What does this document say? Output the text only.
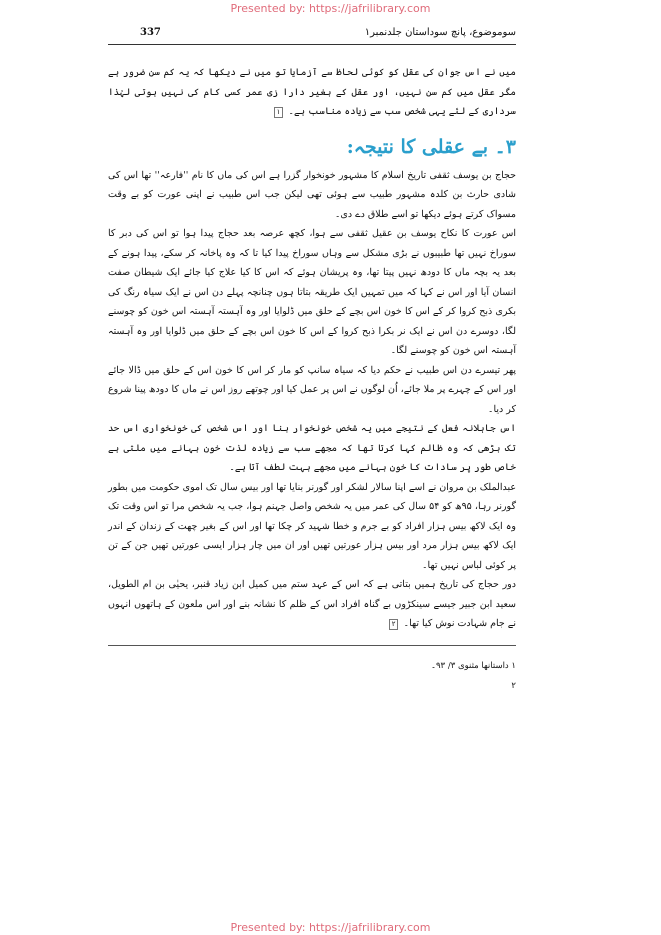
Presented by: https://jafrilibrary.com
سوموضوع، پانچ سوداستان جلدنمبر۱
337

میں نے اس جوان کی عقل کو کوئی لحاظ سے آزمایا تو میں نے دیکھا کہ یہ کم سن ضرور ہے مگر عقل میں کم سن نہیں، اور عقل کے بغیر دارا زی عمر کسی کام کی نہیں ہوتی لہٰذا سرداری کے لئے یہی شخص سب سے زیادہ مناسب ہے۔ ۱

۳۔ بے عقلی کا نتیجہ:

حجاج بن یوسف ثقفی تاریخ اسلام کا مشہور خونخوار گزرا ہے اس کی ماں کا نام ''فارعہ'' تھا اس کی شادی حارث بن کلدہ مشہور طبیب سے ہوئی تھی لیکن جب اس طبیب نے اپنی عورت کو بے وقت مسواک کرتے ہوئے دیکھا تو اسے طلاق دے دی۔

اس عورت کا نکاح یوسف بن عقیل ثقفی سے ہوا، کچھ عرصہ بعد حجاج پیدا ہوا تو اس کی دبر کا سوراخ نہیں تھا طبیبوں نے بڑی مشکل سے وہاں سوراخ پیدا کیا تا کہ وہ پاخانہ کر سکے، پیدا ہونے کے بعد یہ بچہ ماں کا دودھ نہیں پیتا تھا، وہ پریشان ہوئے کہ اس کا کیا علاج کیا جائے ایک شیطان صفت انسان آیا اور اس نے کہا کہ میں تمہیں ایک طریقہ بتاتا ہوں چنانچہ پہلے دن اس نے ایک سیاہ رنگ کی بکری ذبح کروا کر کے اس کا خون اس بچے کے حلق میں ڈلوایا اور وہ آہستہ آہستہ اس خون کو چوسنے لگا، دوسرے دن اس نے ایک نر بکرا ذبح کروا کے اس کا خون اس بچے کے حلق میں ڈلوایا اور وہ آہستہ آہستہ اس خون کو چوسنے لگا۔

پھر تیسرے دن اس طبیب نے حکم دیا کہ سیاہ سانپ کو مار کر اس کا خون اس کے حلق میں ڈالا جائے اور اس کے چہرے پر ملا جائے، اُن لوگوں نے اس پر عمل کیا اور چوتھے روز اس نے ماں کا دودھ پینا شروع کر دیا۔

اس جاہلانہ فعل کے نتیجے میں یہ شخص خونخوار بنا اور اس شخص کی خونخواری اس حد تک بڑھی کہ وہ ظالم کہا کرتا تھا کہ مجھے سب سے زیادہ لذت خون بہانے میں ملتی ہے خاص طور پر سادات کا خون بہانے میں مجھے بہت لطف آتا ہے۔

عبدالملک بن مروان نے اسے اپنا سالار لشکر اور گورنر بنایا تھا اور بیس سال تک اموی حکومت میں بطور گورنر رہا، ۹۵ھ کو ۵۴ سال کی عمر میں یہ شخص واصل جہنم ہوا، جب یہ شخص مرا تو اس وقت تک وہ ایک لاکھ بیس ہزار افراد کو بے جرم و خطا شہید کر چکا تھا اور اس کے بغیر چھت کے زندان کے اندر ایک لاکھ بیس ہزار مرد اور بیس ہزار عورتیں تھیں اور ان میں چار ہزار ایسی عورتیں تھیں جن کے تن پر کوئی لباس نہیں تھا۔

دور حجاج کی تاریخ ہمیں بتاتی ہے کہ اس کے عہد ستم میں کمیل ابن زیاد قنبر، یحیٰی بن ام الطویل، سعید ابن جبیر جیسے سینکڑوں بے گناہ افراد اس کے ظلم کا نشانہ بنے اور اس ملعون کے ہاتھوں انہوں نے جام شہادت نوش کیا تھا۔ ۲

۱ داستانھا مثنوی ۳/ ۹۳۔
۲
Presented by: https://jafrilibrary.com
